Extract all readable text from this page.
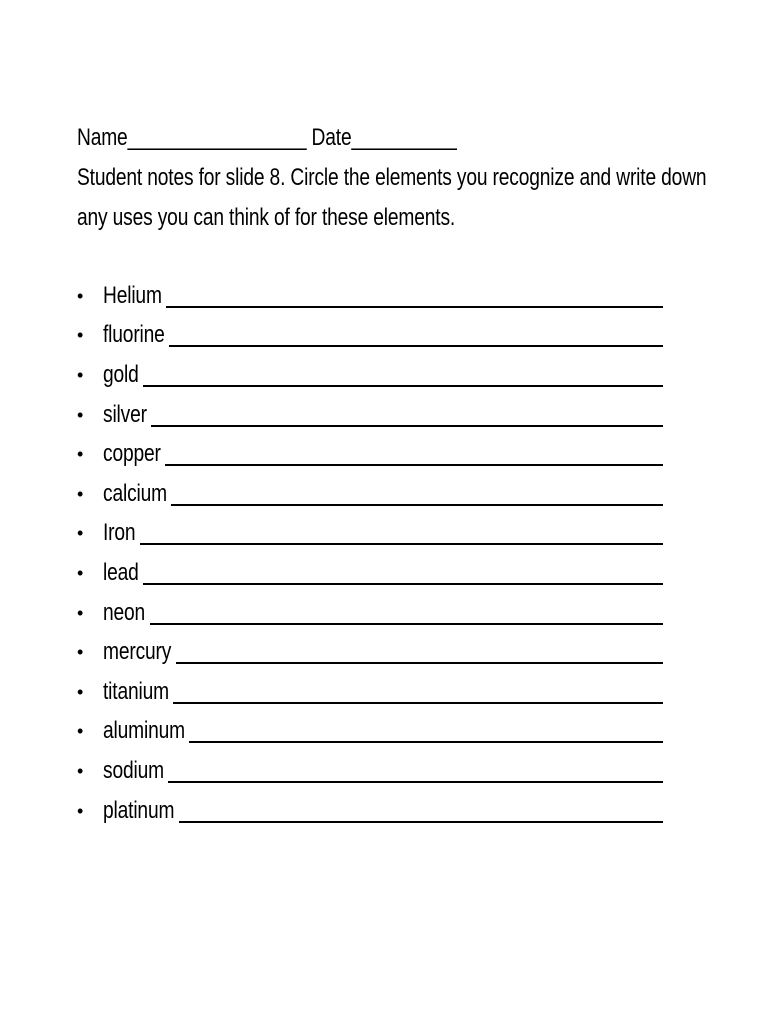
Name_________________ Date__________
Student notes for slide 8. Circle the elements you recognize and write down
any uses you can think of for these elements.
• Helium
• fluorine
• gold
• silver
• copper
• calcium
• Iron
• lead
• neon
• mercury
• titanium
• aluminum
• sodium
• platinum
